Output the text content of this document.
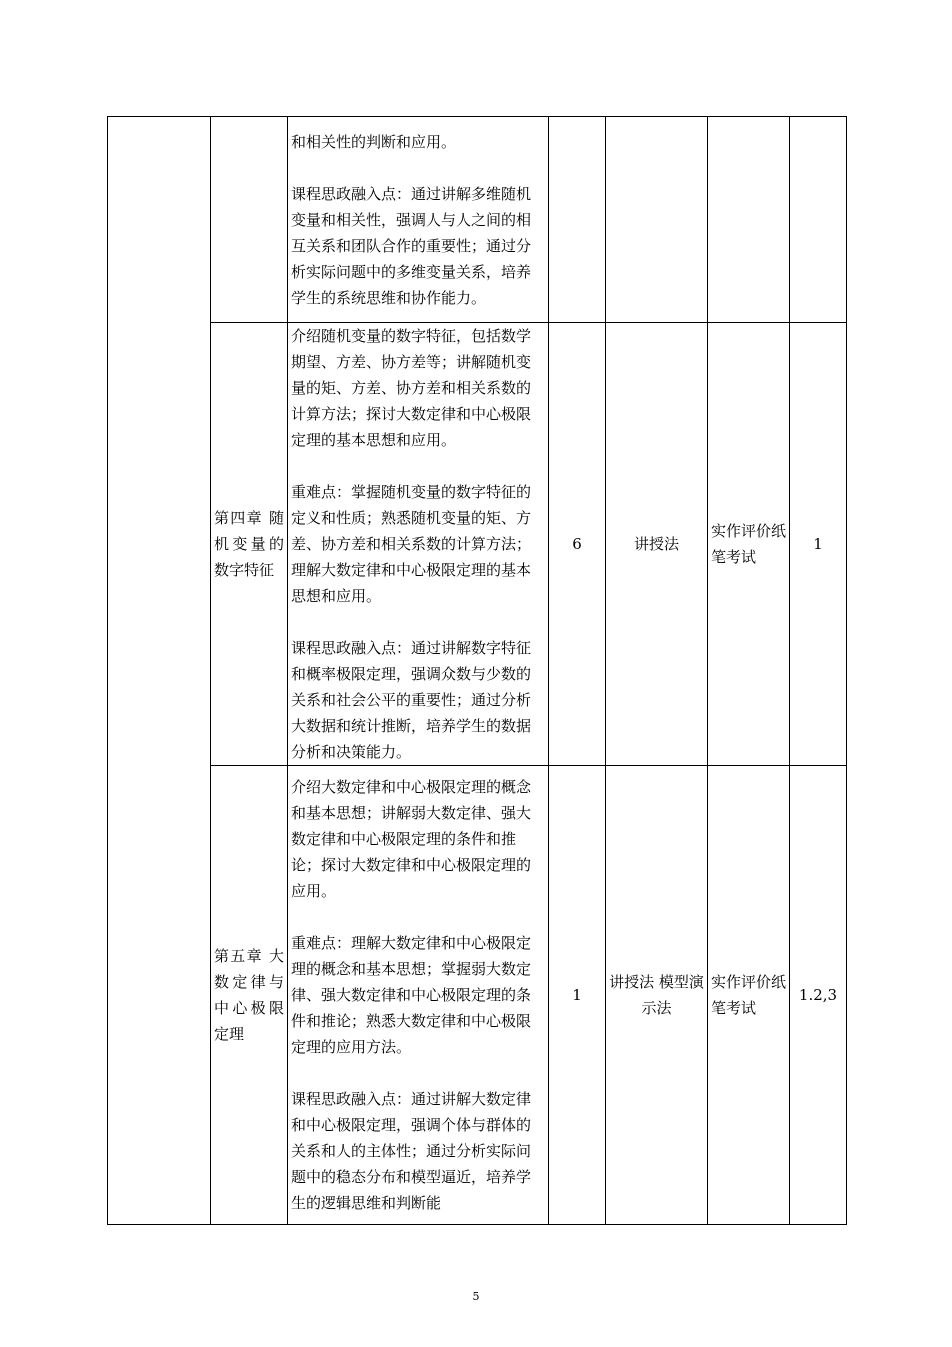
		和相关性的判断和应用。

课程思政融入点：通过讲解多维随机变量和相关性，强调人与人之间的相互关系和团队合作的重要性；通过分析实际问题中的多维变量关系，培养学生的系统思维和协作能力。				

	第四章 随机变量的数字特征	介绍随机变量的数字特征，包括数学期望、方差、协方差等；讲解随机变量的矩、方差、协方差和相关系数的计算方法；探讨大数定律和中心极限定理的基本思想和应用。

重难点：掌握随机变量的数字特征的定义和性质；熟悉随机变量的矩、方差、协方差和相关系数的计算方法；理解大数定律和中心极限定理的基本思想和应用。

课程思政融入点：通过讲解数字特征和概率极限定理，强调众数与少数的关系和社会公平的重要性；通过分析大数据和统计推断，培养学生的数据分析和决策能力。	6	讲授法	实作评价纸笔考试	1
	第五章 大数定律与中心极限定理	介绍大数定律和中心极限定理的概念和基本思想；讲解弱大数定律、强大数定律和中心极限定理的条件和推论；探讨大数定律和中心极限定理的应用。

重难点：理解大数定律和中心极限定理的概念和基本思想；掌握弱大数定律、强大数定律和中心极限定理的条件和推论；熟悉大数定律和中心极限定理的应用方法。

课程思政融入点：通过讲解大数定律和中心极限定理，强调个体与群体的关系和人的主体性；通过分析实际问题中的稳态分布和模型逼近，培养学生的逻辑思维和判断能	1	讲授法 模型演示法	实作评价纸笔考试	1.2,3
5
